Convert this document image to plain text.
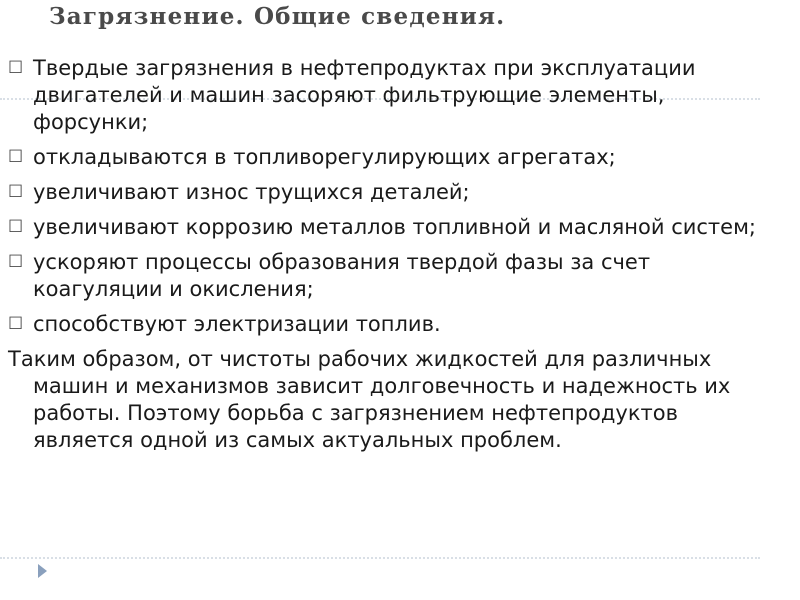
Загрязнение. Общие сведения.
☐ Твердые загрязнения в нефтепродуктах при эксплуатации двигателей и машин засоряют фильтрующие элементы, форсунки;
☐ откладываются в топливорегулирующих агрегатах;
☐ увеличивают износ трущихся деталей;
☐ увеличивают коррозию металлов топливной и масляной систем;
☐ ускоряют процессы образования твердой фазы за счет коагуляции и окисления;
☐ способствуют электризации топлив.
Таким образом, от чистоты рабочих жидкостей для различных машин и механизмов зависит долговечность и надежность их работы. Поэтому борьба с загрязнением нефтепродуктов является одной из самых актуальных проблем.
